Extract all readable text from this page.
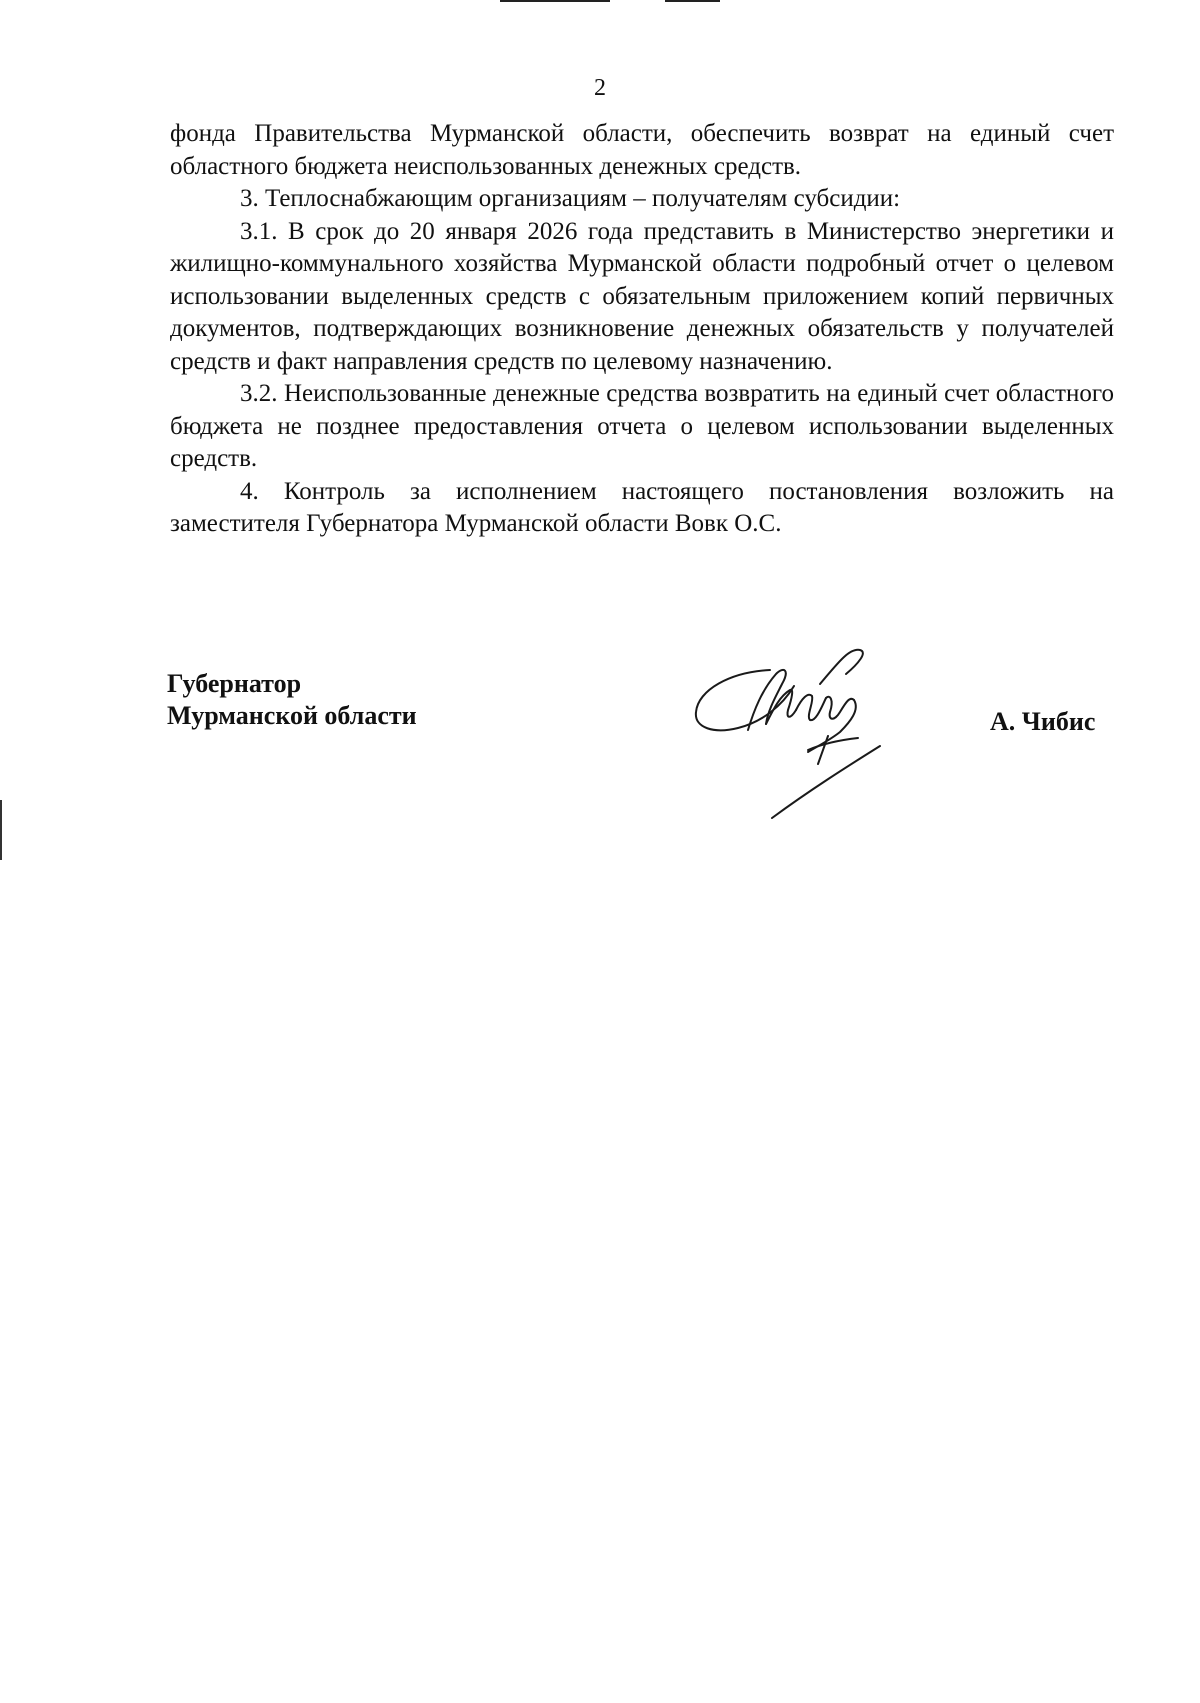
2

фонда Правительства Мурманской области, обеспечить возврат на единый счет областного бюджета неиспользованных денежных средств.

3. Теплоснабжающим организациям – получателям субсидии:

3.1. В срок до 20 января 2026 года представить в Министерство энергетики и жилищно-коммунального хозяйства Мурманской области подробный отчет о целевом использовании выделенных средств с обязательным приложением копий первичных документов, подтверждающих возникновение денежных обязательств у получателей средств и факт направления средств по целевому назначению.

3.2. Неиспользованные денежные средства возвратить на единый счет областного бюджета не позднее предоставления отчета о целевом использовании выделенных средств.

4. Контроль за исполнением настоящего постановления возложить на заместителя Губернатора Мурманской области Вовк О.С.

Губернатор
Мурманской области	А. Чибис
